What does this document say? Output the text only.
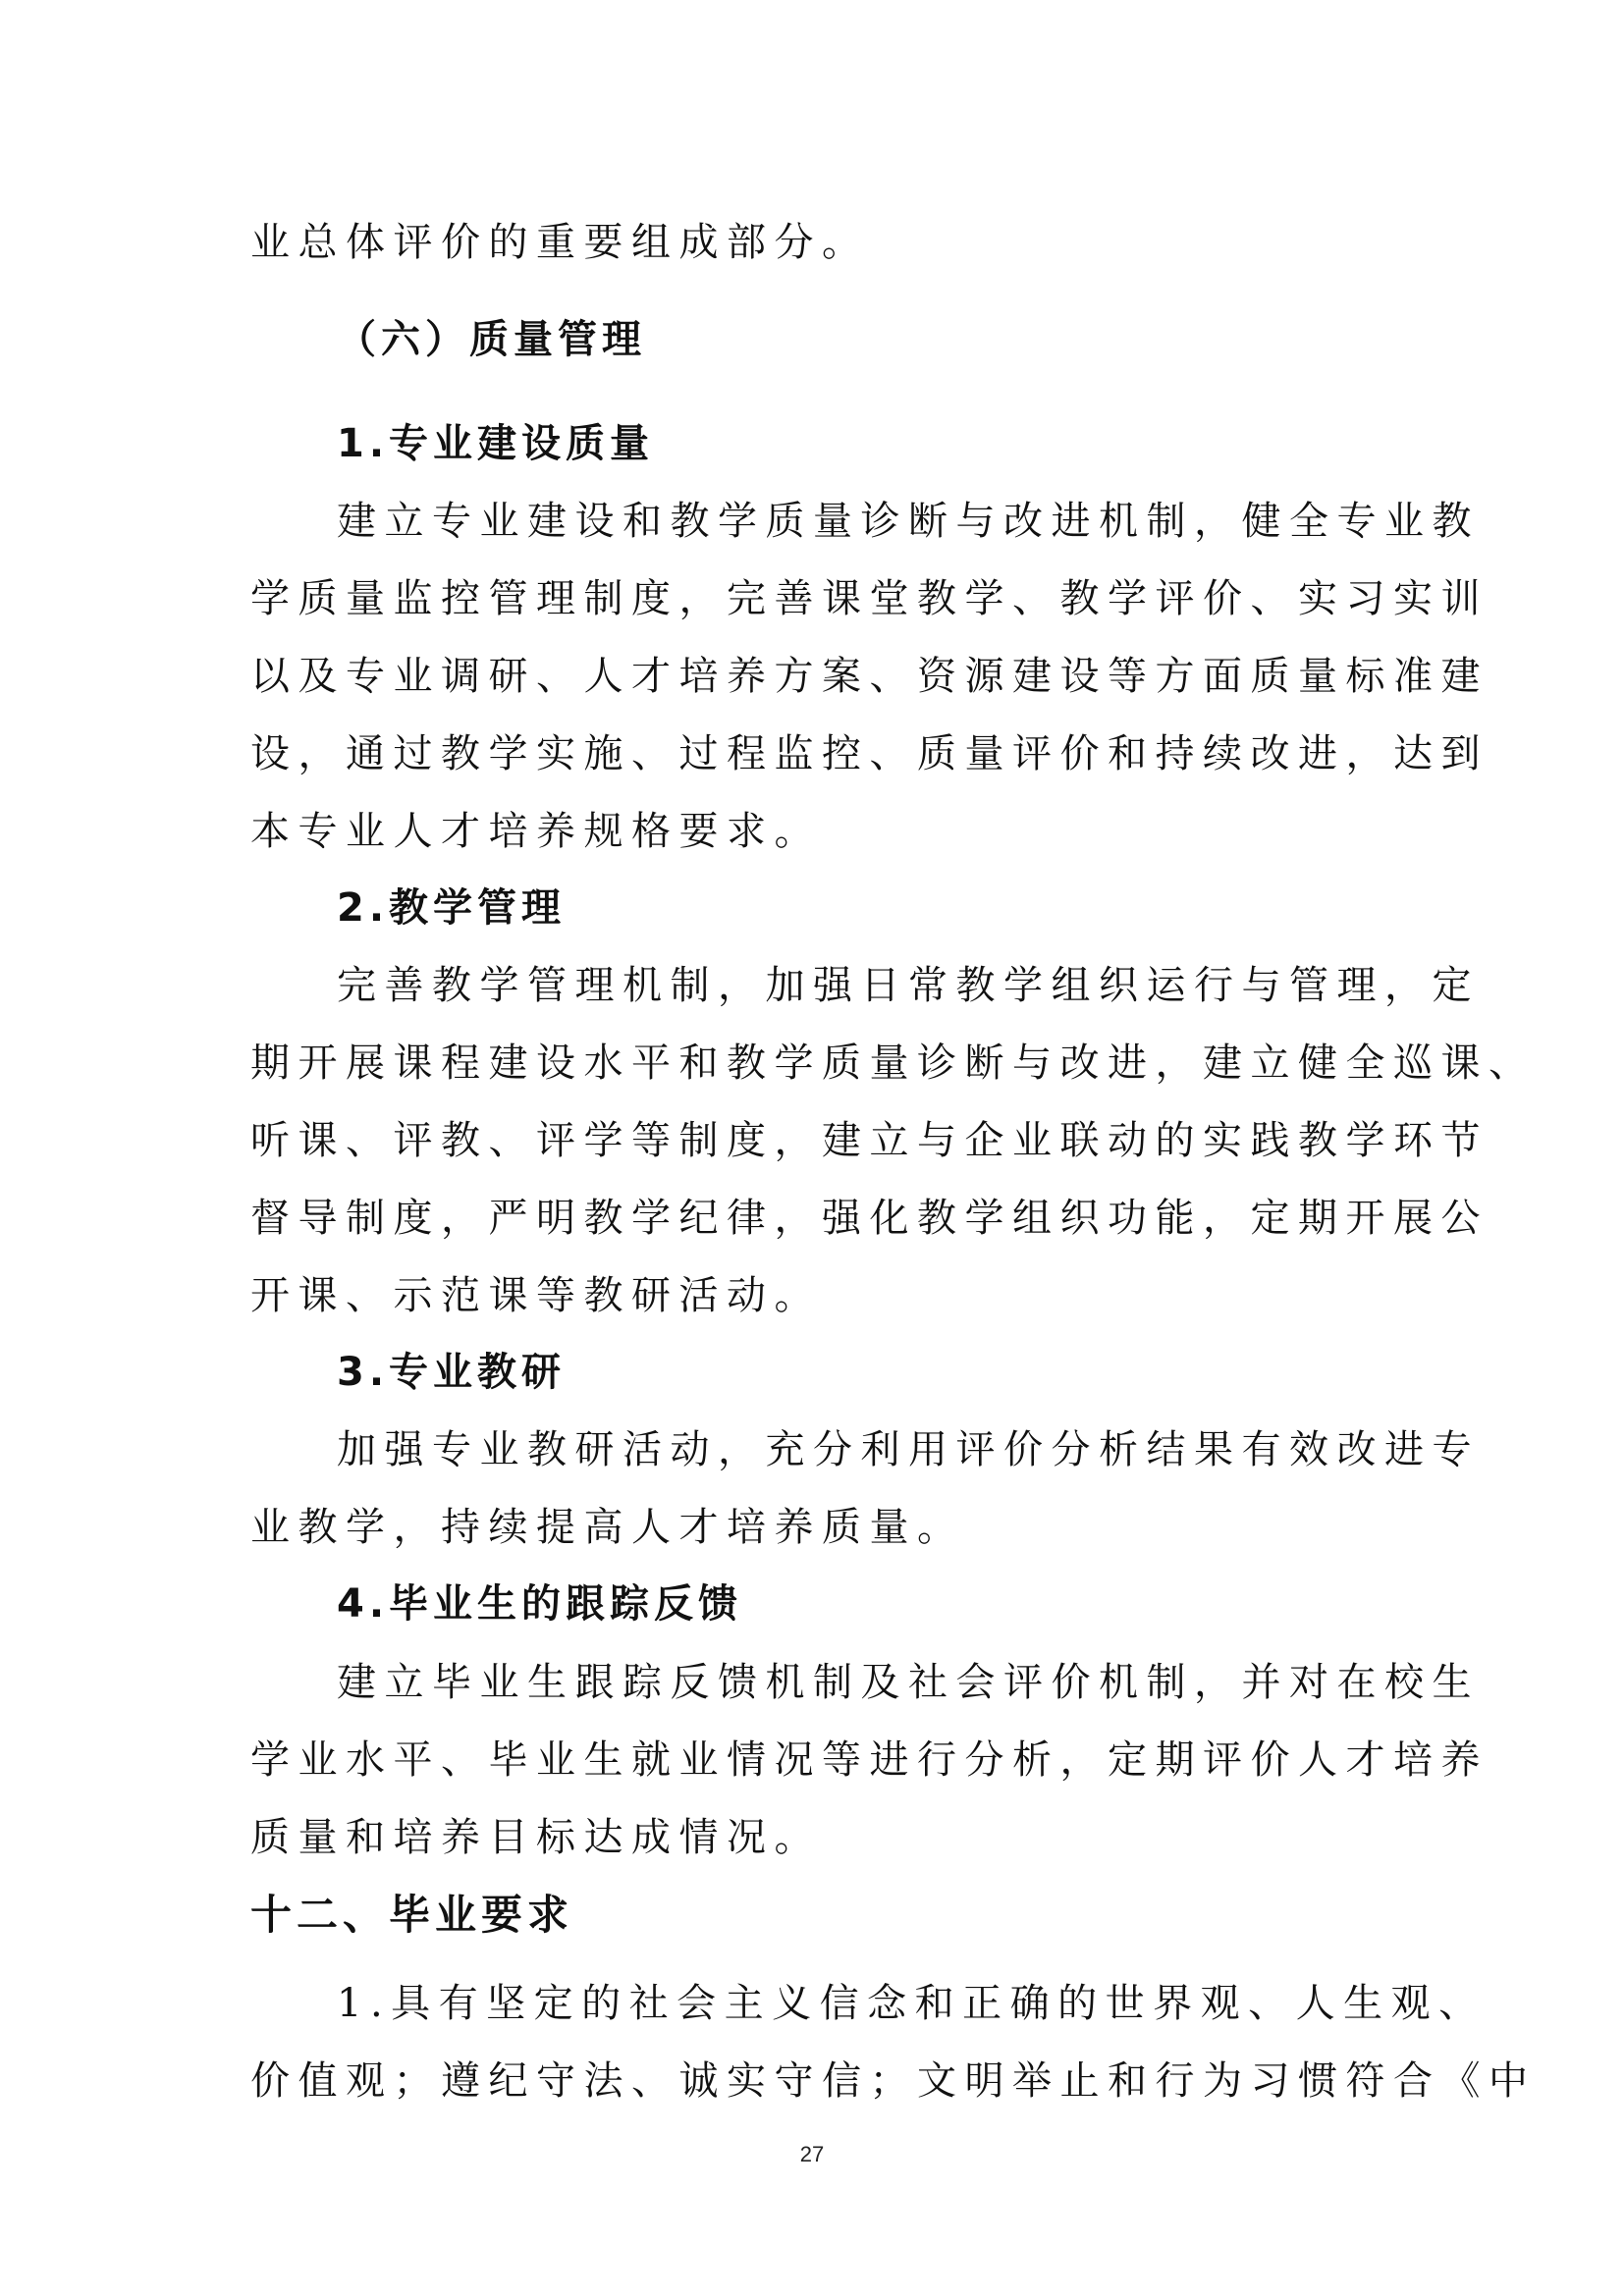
业总体评价的重要组成部分。
（六）质量管理
1.专业建设质量
建立专业建设和教学质量诊断与改进机制，健全专业教
学质量监控管理制度，完善课堂教学、教学评价、实习实训
以及专业调研、人才培养方案、资源建设等方面质量标准建
设，通过教学实施、过程监控、质量评价和持续改进，达到
本专业人才培养规格要求。
2.教学管理
完善教学管理机制，加强日常教学组织运行与管理，定
期开展课程建设水平和教学质量诊断与改进，建立健全巡课、
听课、评教、评学等制度，建立与企业联动的实践教学环节
督导制度，严明教学纪律，强化教学组织功能，定期开展公
开课、示范课等教研活动。
3.专业教研
加强专业教研活动，充分利用评价分析结果有效改进专
业教学，持续提高人才培养质量。
4.毕业生的跟踪反馈
建立毕业生跟踪反馈机制及社会评价机制，并对在校生
学业水平、毕业生就业情况等进行分析，定期评价人才培养
质量和培养目标达成情况。
十二、毕业要求
1.具有坚定的社会主义信念和正确的世界观、人生观、
价值观；遵纪守法、诚实守信；文明举止和行为习惯符合《中
27
